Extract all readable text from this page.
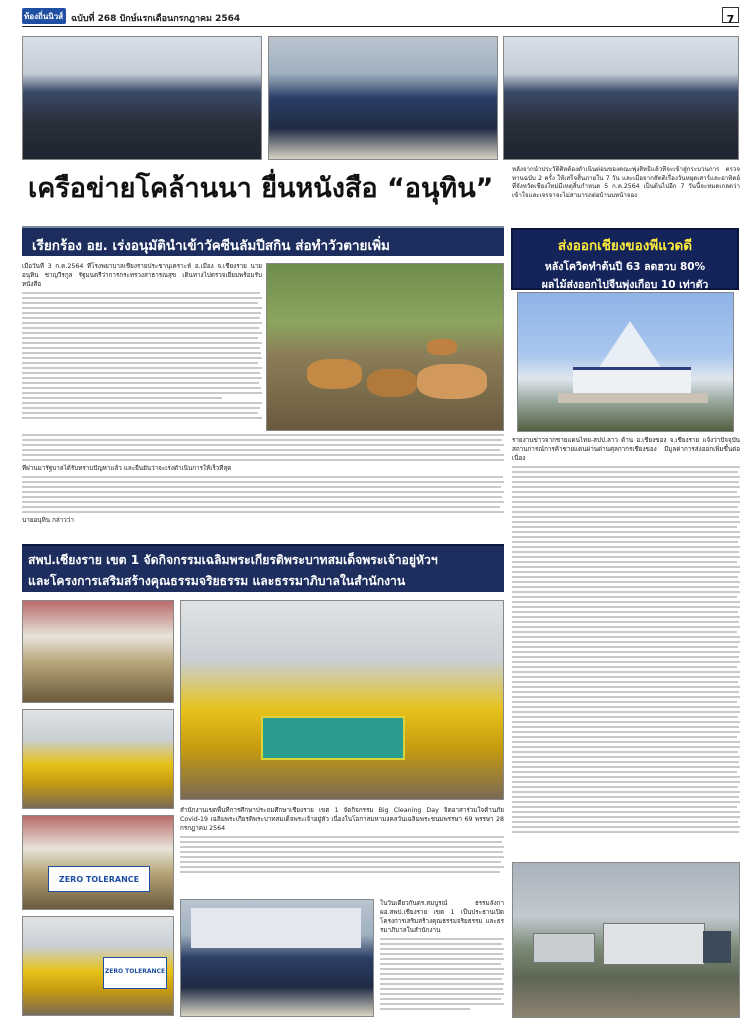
ท้องถิ่นนิวส์ ฉบับที่ 268 ปักษ์แรกเดือนกรกฎาคม 2564	7
หลังจากนำประวัติศิลต้องดำเนินต่อนของคณะพุ่งสิทธิแล้วที่จะเข้าสู่กระบวนการ ตรวจทานฉบับ 2 ครั้ง ให้เสร็จสิ้นภายใน 7 วัน และเมื่อจากสัตติเรื่องวันหยุดเสาร์และอาทิตย์ที่จังหวัดเชียงใหม่มีเหตุสิ้นกำหนด 5 ก.ค.2564 เป็นต้นไปอีก 7 วันนี้จะหมดเกลดว่าเข้าใจและเจรจาจะไม่สามารถต่อบ้านบหน้าจอง
เครือข่ายโคล้านนา ยื่นหนังสือ “อนุทิน”
เรียกร้อง อย. เร่งอนุมัตินำเข้าวัคซีนลัมปีสกิน ส่อทำวัวตายเพิ่ม
เมื่อวันที่ 3 ก.ค.2564 ที่โรงพยาบาลเชียงรายประชานุเคราะห์ อ.เมือง จ.เชียงราย นายอนุทิน ชาญวีรกูล รัฐมนตรีว่าการกระทรวงสาธารณสุข เดินทางไปตรวจเยี่ยมพร้อมรับหนังสือ
ที่ผ่านมารัฐบาลได้รับทราบปัญหาแล้ว และยืนยันว่าจะเร่งดำเนินการให้เร็วที่สุด
นายอนุทิน กล่าวว่า
ส่งออกเชียงของพีแวดดี
หลังโควิดทำต้นปี 63 ลดฮวบ 80%
ผลไม้ส่งออกไปจีนพุ่งเกือบ 10 เท่าตัว
รายงานข่าวจากชายแดนไทย-สปป.ลาว ด้าน อ.เชียงของ จ.เชียงราย แจ้งว่าปัจจุบันสถานการณ์การค้าชายแดนผ่านด่านศุลกากรเชียงของ มีมูลค่าการส่งออกเพิ่มขึ้นต่อเนื่อง
สพป.เชียงราย เขต 1 จัดกิจกรรมเฉลิมพระเกียรติพระบาทสมเด็จพระเจ้าอยู่หัวฯ
และโครงการเสริมสร้างคุณธรรมจริยธรรม และธรรมาภิบาลในสำนักงาน
ZERO TOLERANCE
ZERO TOLERANCE
สำนักงานเขตพื้นที่การศึกษาประถมศึกษาเชียงราย เขต 1 จัดกิจกรรม Big Cleaning Day จิตอาสาร่วมใจต้านภัย Covid-19 เฉลิมพระเกียรติพระบาทสมเด็จพระเจ้าอยู่หัว เนื่องในโอกาสมหามงคลวันเฉลิมพระชนมพรรษา 69 พรรษา 28 กรกฎาคม 2564
ในวันเดียวกันดร.สมบูรณ์ ธรรมลังกา ผอ.สพป.เชียงราย เขต 1 เป็นประธานเปิดโครงการเสริมสร้างคุณธรรมจริยธรรม และธรรมาภิบาลในสำนักงาน
